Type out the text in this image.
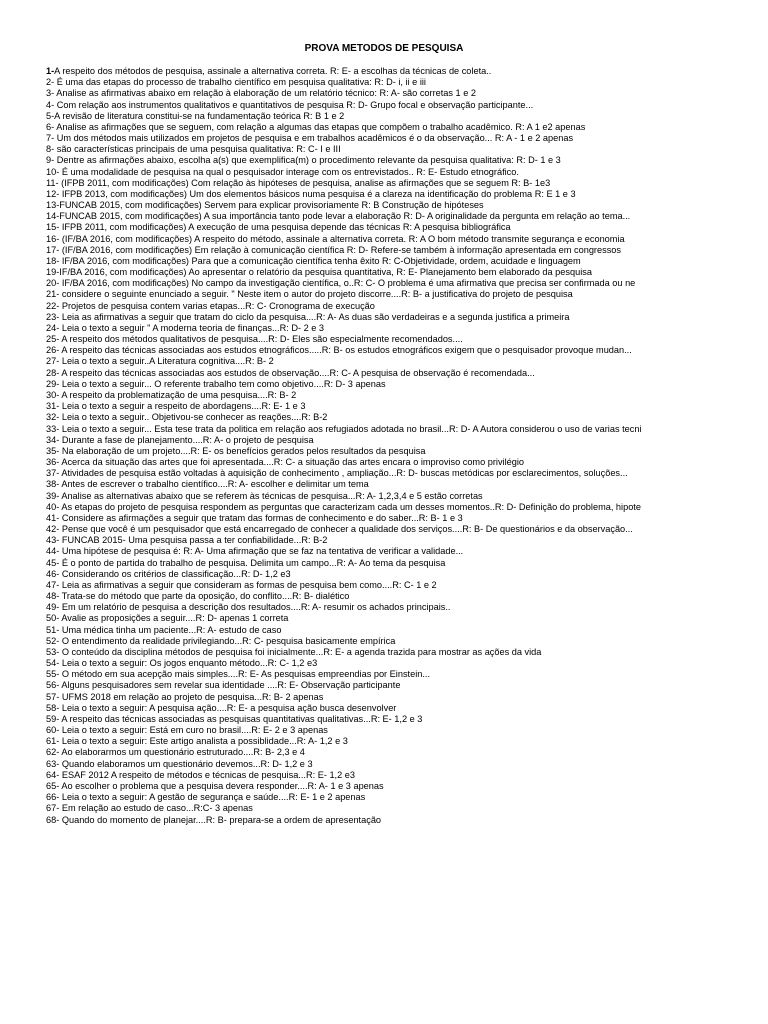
PROVA METODOS DE PESQUISA
1-A respeito dos métodos de pesquisa, assinale a alternativa correta. R: E- a escolhas da técnicas de coleta..
2- É uma das etapas do processo de trabalho científico em pesquisa qualitativa: R: D- i, ii e iii
3- Analise as afirmativas abaixo em relação à elaboração de um relatório técnico: R: A- são corretas 1 e 2
4- Com relação aos instrumentos qualitativos e quantitativos de pesquisa R: D- Grupo focal e observação participante...
5-A revisão de literatura constitui-se na fundamentação teórica R: B 1 e 2
6- Analise as afirmações que se seguem, com relação a algumas das etapas que compõem o trabalho acadêmico. R: A 1 e2 apenas
7- Um dos métodos mais utilizados em projetos de pesquisa e em trabalhos acadêmicos é o da observação... R: A - 1 e 2 apenas
8- são características principais de uma pesquisa qualitativa: R: C- I e III
9- Dentre as afirmações abaixo, escolha a(s) que exemplifica(m) o procedimento relevante da pesquisa qualitativa: R: D- 1 e 3
10- É uma modalidade de pesquisa na qual o pesquisador interage com os entrevistados.. R: E- Estudo etnográfico.
11- (IFPB 2011, com modificações) Com relação às hipóteses de pesquisa, analise as afirmações que se seguem R: B- 1e3
12- IFPB 2013, com modificações) Um dos elementos básicos numa pesquisa é a clareza na identificação do problema R: E 1 e 3
13-FUNCAB 2015, com modificações) Servem para explicar provisoriamente R: B Construção de hipóteses
14-FUNCAB 2015, com modificações) A sua importância tanto pode levar a elaboração R: D- A originalidade da pergunta em relação ao tema...
15- IFPB 2011, com modificações) A execução de uma pesquisa depende das técnicas R: A pesquisa bibliográfica
16- (IF/BA 2016, com modificações) A respeito do método, assinale a alternativa correta. R: A O bom método transmite segurança e economia
17- (IF/BA 2016, com modificações) Em relação à comunicação científica R: D- Refere-se também à informação apresentada em congressos
18- IF/BA 2016, com modificações) Para que a comunicação científica tenha êxito R: C-Objetividade, ordem, acuidade e linguagem
19-IF/BA 2016, com modificações) Ao apresentar o relatório da pesquisa quantitativa, R: E- Planejamento bem elaborado da pesquisa
20- IF/BA 2016, com modificações) No campo da investigação científica, o..R: C- O problema é uma afirmativa que precisa ser confirmada ou ne
21- considere o seguinte enunciado a seguir. " Neste item o autor do projeto discorre....R: B- a justificativa do projeto de pesquisa
22- Projetos de pesquisa contem varias etapas...R: C- Cronograma de execução
23- Leia as afirmativas a seguir que tratam do ciclo da pesquisa....R: A- As duas são verdadeiras e a segunda justifica a primeira
24- Leia o texto a seguir " A moderna teoria de finanças...R: D- 2 e 3
25- A respeito dos métodos qualitativos de pesquisa....R: D- Eles são especialmente recomendados....
26- A respeito das técnicas associadas aos estudos etnográficos.....R: B- os estudos etnográficos exigem que o pesquisador provoque mudan...
27- Leia o texto a seguir..A Literatura cognitiva....R: B- 2
28- A respeito das técnicas associadas aos estudos de observação....R: C- A pesquisa de observação é recomendada...
29- Leia o texto a seguir... O referente trabalho tem como objetivo....R: D- 3 apenas
30- A respeito da problematização de uma pesquisa....R: B- 2
31- Leia o texto a seguir a respeito de abordagens....R: E- 1 e 3
32- Leia o texto a seguir.. Objetivou-se conhecer as reações....R: B-2
33- Leia o texto a seguir... Esta tese trata da politica em relação aos refugiados adotada no brasil...R: D- A Autora considerou o uso de varias tecni
34- Durante a fase de planejamento....R: A- o projeto de pesquisa
35- Na elaboração de um projeto....R: E- os benefícios gerados pelos resultados da pesquisa
36- Acerca da situação das artes que foi apresentada....R: C- a situação das artes encara o improviso como privilégio
37- Atividades de pesquisa estão voltadas à aquisição de conhecimento , ampliação...R: D- buscas metódicas por esclarecimentos, soluções...
38- Antes de escrever o trabalho científico....R: A- escolher e delimitar um tema
39- Analise as alternativas abaixo que se referem às técnicas de pesquisa...R: A- 1,2,3,4 e 5 estão corretas
40- As etapas do projeto de pesquisa respondem as perguntas que caracterizam cada um desses momentos..R: D- Definição do problema, hipote
41- Considere as afirmações a seguir que tratam das formas de conhecimento e do saber...R: B- 1 e 3
42- Pense que você é um pesquisador que está encarregado de conhecer a qualidade dos serviços....R: B- De questionários e da observação...
43- FUNCAB 2015- Uma pesquisa passa a ter confiabilidade...R: B-2
44- Uma hipótese de pesquisa é: R: A- Uma afirmação que se faz na tentativa de verificar a validade...
45- É o ponto de partida do trabalho de pesquisa. Delimita um campo...R: A- Ao tema da pesquisa
46- Considerando os critérios de classificação...R: D- 1,2 e3
47- Leia as afirmativas a seguir que consideram as formas de pesquisa bem como....R: C- 1 e 2
48- Trata-se do método que parte da oposição, do conflito....R: B- dialético
49- Em um relatório de pesquisa a descrição dos resultados....R: A- resumir os achados principais..
50- Avalie as proposições a seguir....R: D- apenas 1 correta
51- Uma médica tinha um paciente...R: A- estudo de caso
52- O entendimento da realidade privilegiando...R: C- pesquisa basicamente empírica
53- O conteúdo da disciplina métodos de pesquisa foi inicialmente...R: E- a agenda trazida para mostrar as ações da vida
54- Leia o texto a seguir: Os jogos enquanto método...R: C- 1,2 e3
55- O método em sua acepção mais simples....R: E- As pesquisas empreendias por Einstein...
56- Alguns pesquisadores sem revelar sua identidade ....R: E- Observação participante
57- UFMS 2018 em relação ao projeto de pesquisa...R: B- 2 apenas
58- Leia o texto a seguir: A pesquisa ação....R: E- a pesquisa ação busca desenvolver
59- A respeito das técnicas associadas as pesquisas quantitativas qualitativas...R: E- 1,2 e 3
60- Leia o texto a seguir: Está em curo no brasil....R: E- 2 e 3 apenas
61- Leia o texto a seguir: Este artigo analista a possiblidade...R: A- 1,2 e 3
62- Ao elaborarmos um questionário estruturado....R: B- 2,3 e 4
63- Quando elaboramos um questionário devemos...R: D- 1,2 e 3
64- ESAF 2012 A respeito de métodos e técnicas de pesquisa...R: E- 1,2 e3
65- Ao escolher o problema que a pesquisa devera responder....R: A- 1 e 3 apenas
66- Leia o texto a seguir: A gestão de segurança e saúde....R: E- 1 e 2 apenas
67- Em relação ao estudo de caso...R:C- 3 apenas
68- Quando do momento de planejar....R: B- prepara-se a ordem de apresentação
